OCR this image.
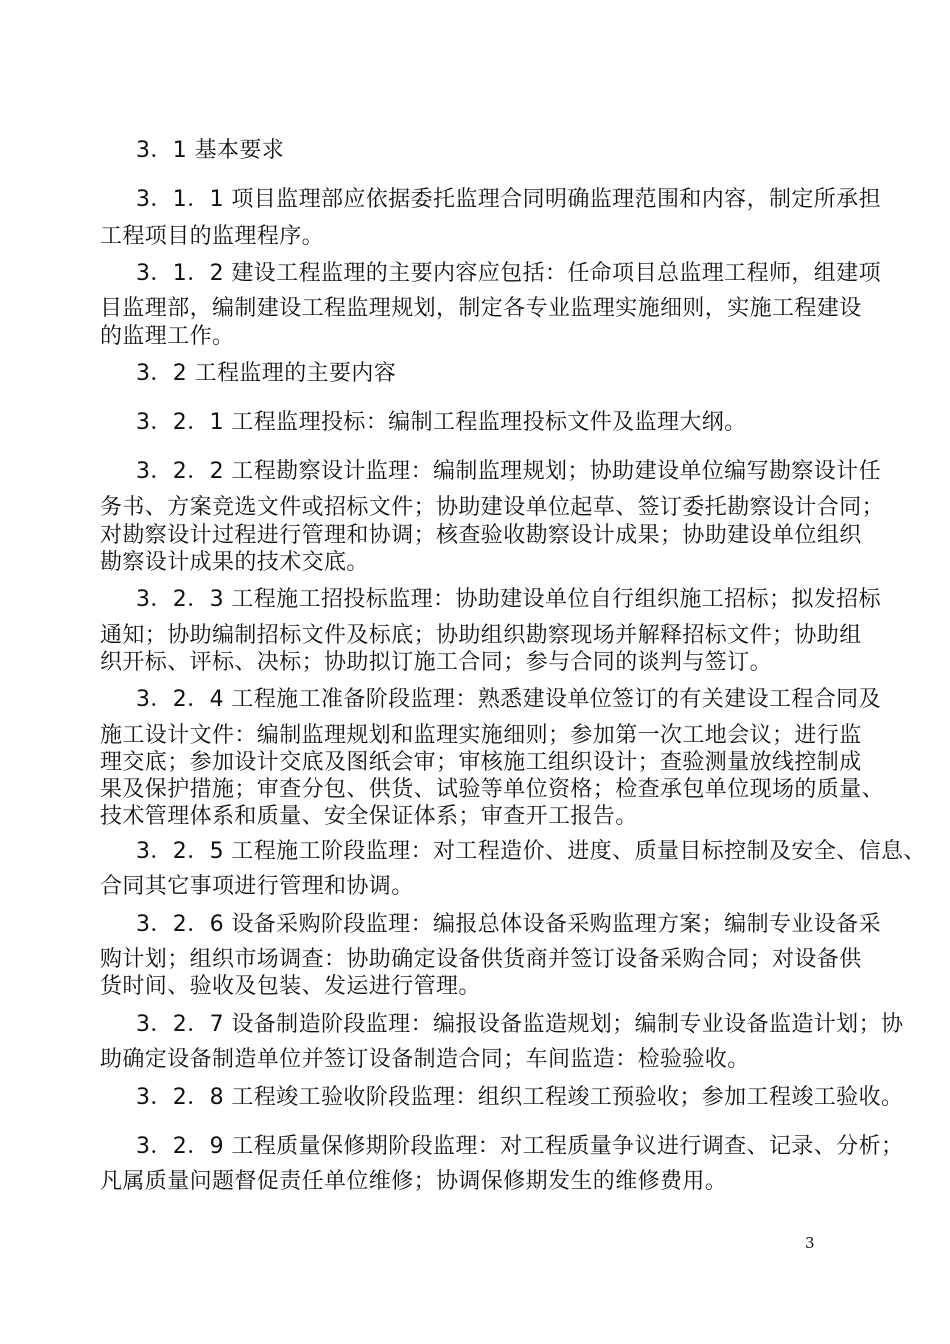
3．1 基本要求
3．1．1 项目监理部应依据委托监理合同明确监理范围和内容，制定所承担
工程项目的监理程序。
3．1．2 建设工程监理的主要内容应包括：任命项目总监理工程师，组建项
目监理部，编制建设工程监理规划，制定各专业监理实施细则，实施工程建设
的监理工作。
3．2 工程监理的主要内容
3．2．1 工程监理投标：编制工程监理投标文件及监理大纲。
3．2．2 工程勘察设计监理：编制监理规划；协助建设单位编写勘察设计任
务书、方案竞选文件或招标文件；协助建设单位起草、签订委托勘察设计合同；
对勘察设计过程进行管理和协调；核查验收勘察设计成果；协助建设单位组织
勘察设计成果的技术交底。
3．2．3 工程施工招投标监理：协助建设单位自行组织施工招标；拟发招标
通知；协助编制招标文件及标底；协助组织勘察现场并解释招标文件；协助组
织开标、评标、决标；协助拟订施工合同；参与合同的谈判与签订。
3．2．4 工程施工准备阶段监理：熟悉建设单位签订的有关建设工程合同及
施工设计文件：编制监理规划和监理实施细则；参加第一次工地会议；进行监
理交底；参加设计交底及图纸会审；审核施工组织设计；查验测量放线控制成
果及保护措施；审查分包、供货、试验等单位资格；检查承包单位现场的质量、
技术管理体系和质量、安全保证体系；审查开工报告。
3．2．5 工程施工阶段监理：对工程造价、进度、质量目标控制及安全、信息、
合同其它事项进行管理和协调。
3．2．6 设备采购阶段监理：编报总体设备采购监理方案；编制专业设备采
购计划；组织市场调查：协助确定设备供货商并签订设备采购合同；对设备供
货时间、验收及包装、发运进行管理。
3．2．7 设备制造阶段监理：编报设备监造规划；编制专业设备监造计划；协
助确定设备制造单位并签订设备制造合同；车间监造：检验验收。
3．2．8 工程竣工验收阶段监理：组织工程竣工预验收；参加工程竣工验收。
3．2．9 工程质量保修期阶段监理：对工程质量争议进行调查、记录、分析；
凡属质量问题督促责任单位维修；协调保修期发生的维修费用。
3
